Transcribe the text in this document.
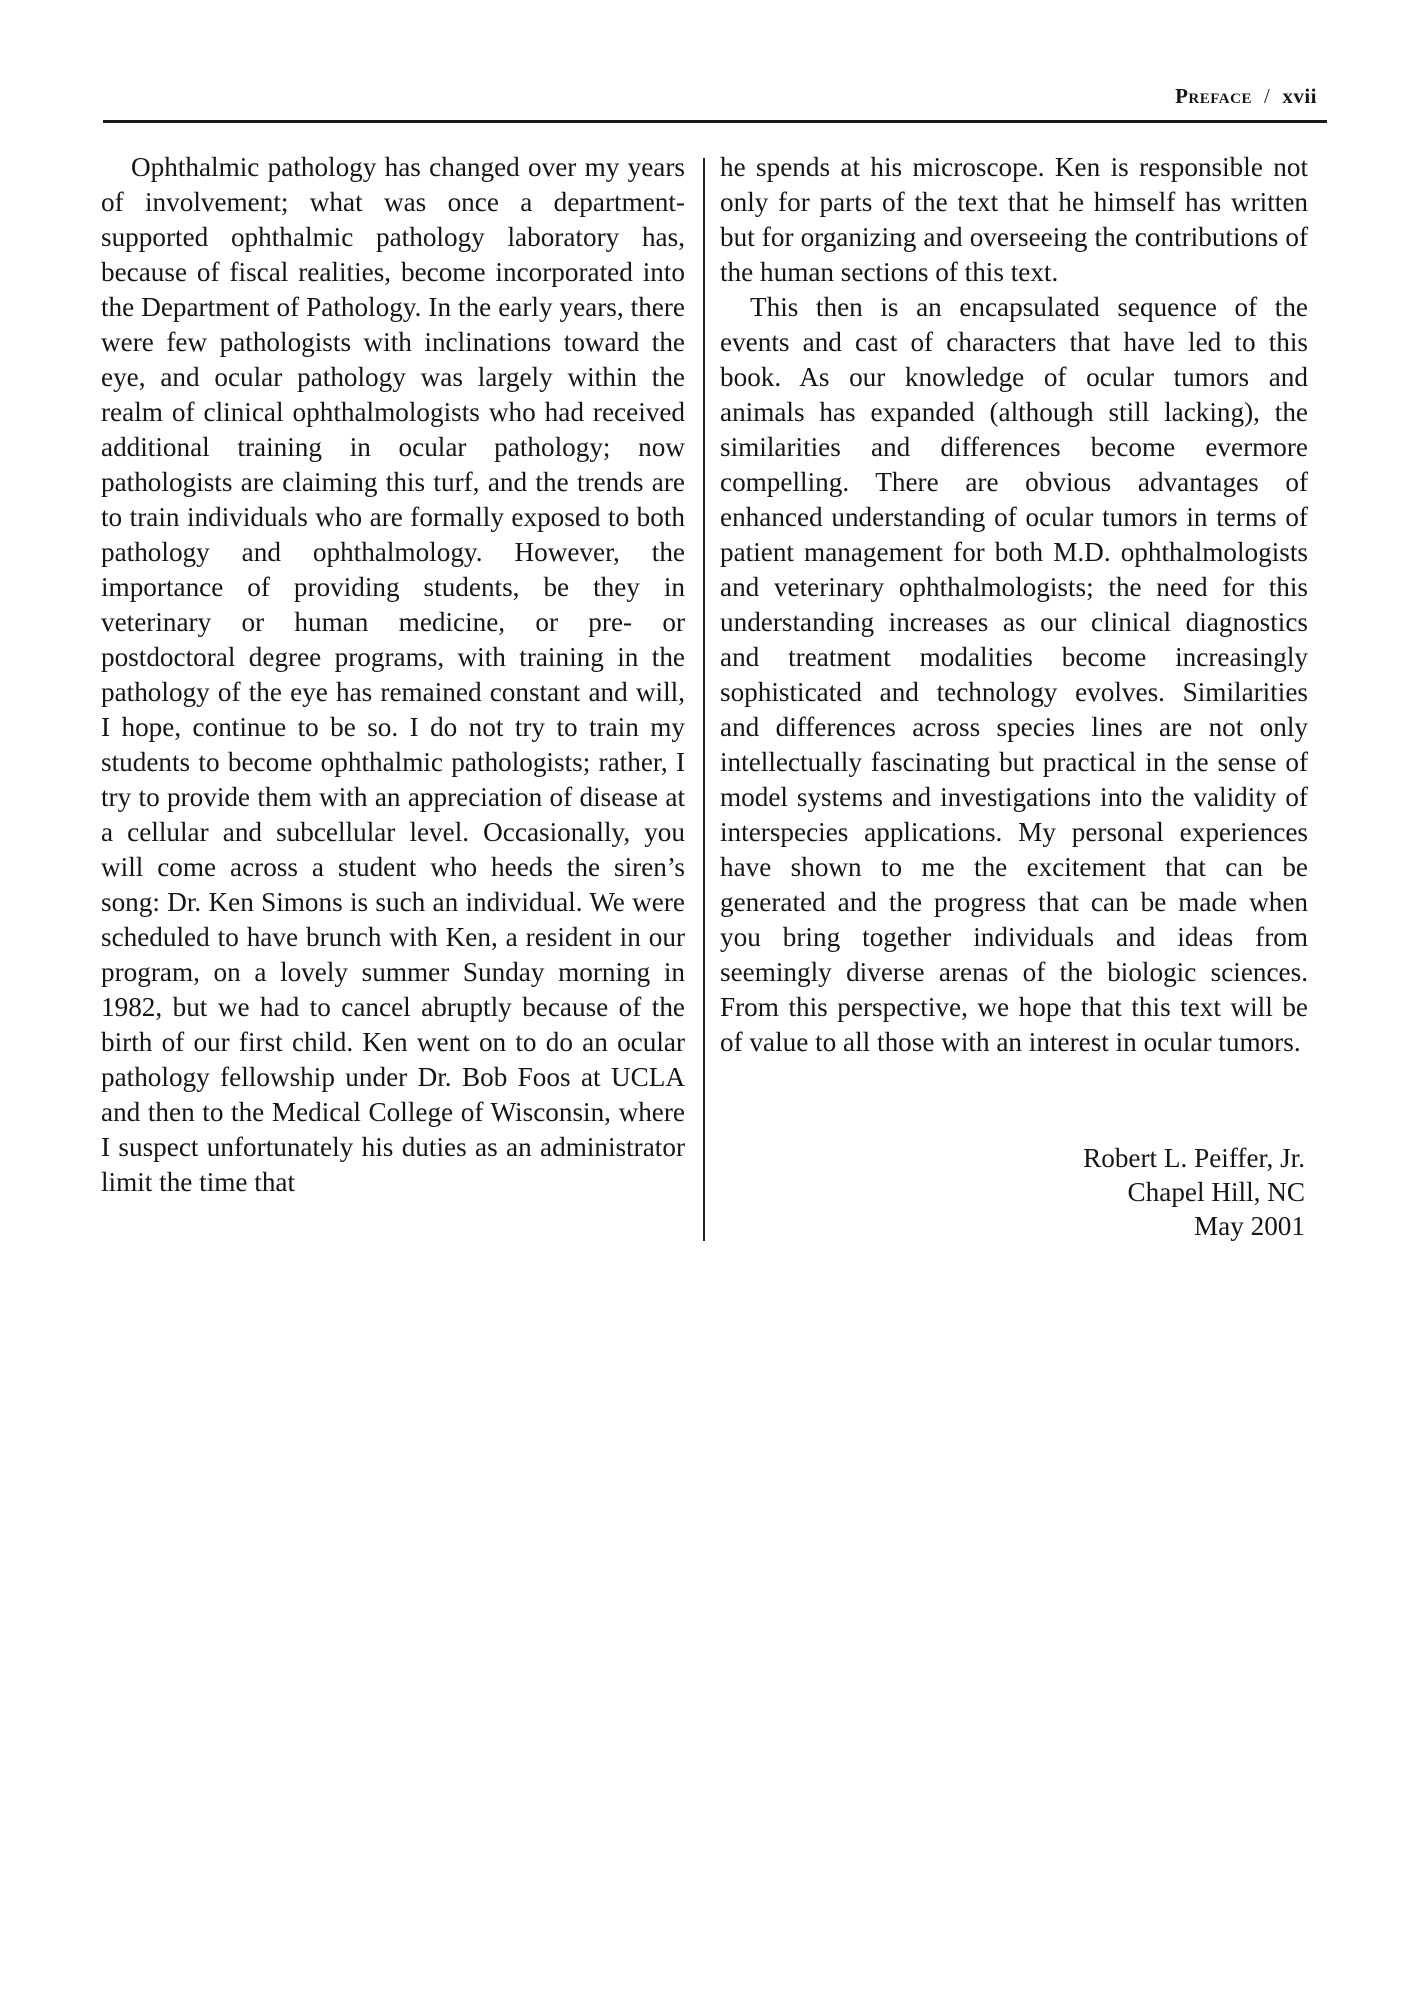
Preface / xvii

Ophthalmic pathology has changed over my years of involvement; what was once a department-supported ophthalmic pathology laboratory has, because of fiscal realities, become incorporated into the Department of Pathology. In the early years, there were few pathologists with inclinations toward the eye, and ocular pathology was largely within the realm of clinical ophthalmologists who had received additional training in ocular pathology; now pathologists are claiming this turf, and the trends are to train individuals who are formally exposed to both pathology and ophthalmology. However, the importance of providing students, be they in veterinary or human medicine, or pre- or postdoctoral degree programs, with training in the pathology of the eye has remained constant and will, I hope, continue to be so. I do not try to train my students to become ophthalmic pathologists; rather, I try to provide them with an appreciation of disease at a cellular and subcellular level. Occasionally, you will come across a student who heeds the siren’s song: Dr. Ken Simons is such an individual. We were scheduled to have brunch with Ken, a resident in our program, on a lovely summer Sunday morning in 1982, but we had to cancel abruptly because of the birth of our first child. Ken went on to do an ocular pathology fellowship under Dr. Bob Foos at UCLA and then to the Medical College of Wisconsin, where I suspect unfortunately his duties as an administrator limit the time that

he spends at his microscope. Ken is responsible not only for parts of the text that he himself has written but for organizing and overseeing the contributions of the human sections of this text.

This then is an encapsulated sequence of the events and cast of characters that have led to this book. As our knowledge of ocular tumors and animals has expanded (although still lacking), the similarities and differences become evermore compelling. There are obvious advantages of enhanced understanding of ocular tumors in terms of patient management for both M.D. ophthalmologists and veterinary ophthalmologists; the need for this understanding increases as our clinical diagnostics and treatment modalities become increasingly sophisticated and technology evolves. Similarities and differences across species lines are not only intellectually fascinating but practical in the sense of model systems and investigations into the validity of interspecies applications. My personal experiences have shown to me the excitement that can be generated and the progress that can be made when you bring together individuals and ideas from seemingly diverse arenas of the biologic sciences. From this perspective, we hope that this text will be of value to all those with an interest in ocular tumors.

Robert L. Peiffer, Jr.
Chapel Hill, NC
May 2001
